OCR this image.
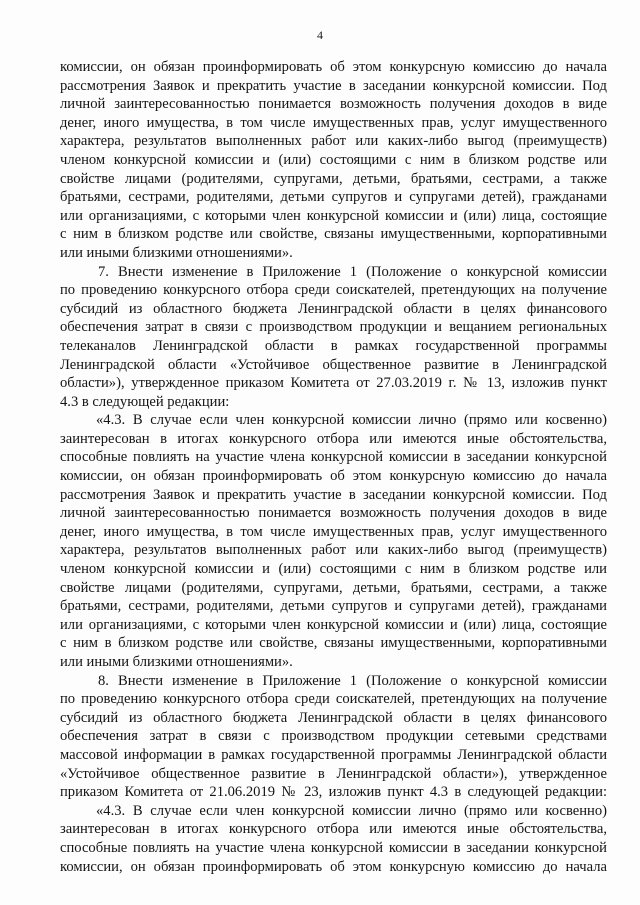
4
комиссии, он обязан проинформировать об этом конкурсную комиссию до начала
рассмотрения Заявок и прекратить участие в заседании конкурсной комиссии. Под
личной заинтересованностью понимается возможность получения доходов в виде
денег, иного имущества, в том числе имущественных прав, услуг имущественного
характера, результатов выполненных работ или каких-либо выгод (преимуществ)
членом конкурсной комиссии и (или) состоящими с ним в близком родстве или
свойстве лицами (родителями, супругами, детьми, братьями, сестрами, а также
братьями, сестрами, родителями, детьми супругов и супругами детей), гражданами
или организациями, с которыми член конкурсной комиссии и (или) лица, состоящие
с ним в близком родстве или свойстве, связаны имущественными, корпоративными
или иными близкими отношениями».
7. Внести изменение в Приложение 1 (Положение о конкурсной комиссии
по проведению конкурсного отбора среди соискателей, претендующих на получение
субсидий из областного бюджета Ленинградской области в целях финансового
обеспечения затрат в связи с производством продукции и вещанием региональных
телеканалов Ленинградской области в рамках государственной программы
Ленинградской области «Устойчивое общественное развитие в Ленинградской
области»), утвержденное приказом Комитета от 27.03.2019 г. № 13, изложив пункт
4.3 в следующей редакции:
«4.3. В случае если член конкурсной комиссии лично (прямо или косвенно)
заинтересован в итогах конкурсного отбора или имеются иные обстоятельства,
способные повлиять на участие члена конкурсной комиссии в заседании конкурсной
комиссии, он обязан проинформировать об этом конкурсную комиссию до начала
рассмотрения Заявок и прекратить участие в заседании конкурсной комиссии. Под
личной заинтересованностью понимается возможность получения доходов в виде
денег, иного имущества, в том числе имущественных прав, услуг имущественного
характера, результатов выполненных работ или каких-либо выгод (преимуществ)
членом конкурсной комиссии и (или) состоящими с ним в близком родстве или
свойстве лицами (родителями, супругами, детьми, братьями, сестрами, а также
братьями, сестрами, родителями, детьми супругов и супругами детей), гражданами
или организациями, с которыми член конкурсной комиссии и (или) лица, состоящие
с ним в близком родстве или свойстве, связаны имущественными, корпоративными
или иными близкими отношениями».
8. Внести изменение в Приложение 1 (Положение о конкурсной комиссии
по проведению конкурсного отбора среди соискателей, претендующих на получение
субсидий из областного бюджета Ленинградской области в целях финансового
обеспечения затрат в связи с производством продукции сетевыми средствами
массовой информации в рамках государственной программы Ленинградской области
«Устойчивое общественное развитие в Ленинградской области»), утвержденное
приказом Комитета от 21.06.2019 № 23, изложив пункт 4.3 в следующей редакции:
«4.3. В случае если член конкурсной комиссии лично (прямо или косвенно)
заинтересован в итогах конкурсного отбора или имеются иные обстоятельства,
способные повлиять на участие члена конкурсной комиссии в заседании конкурсной
комиссии, он обязан проинформировать об этом конкурсную комиссию до начала
